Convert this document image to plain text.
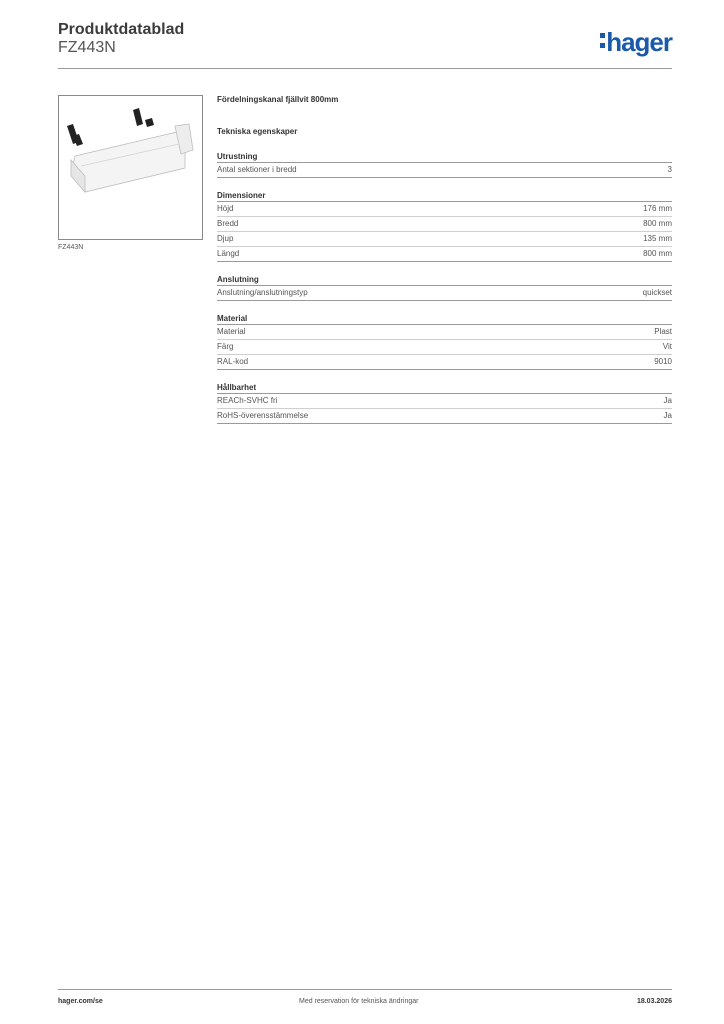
Produktdatablad
FZ443N	hager
FZ443N
Fördelningskanal fjällvit 800mm
Tekniska egenskaper
Utrustning
Antal sektioner i bredd	3
Dimensioner
Höjd	176 mm
Bredd	800 mm
Djup	135 mm
Längd	800 mm
Anslutning
Anslutning/anslutningstyp	quickset
Material
Material	Plast
Färg	Vit
RAL-kod	9010
Hållbarhet
REACh-SVHC fri	Ja
RoHS-överensstämmelse	Ja
hager.com/se	Med reservation för tekniska ändringar	18.03.2026
